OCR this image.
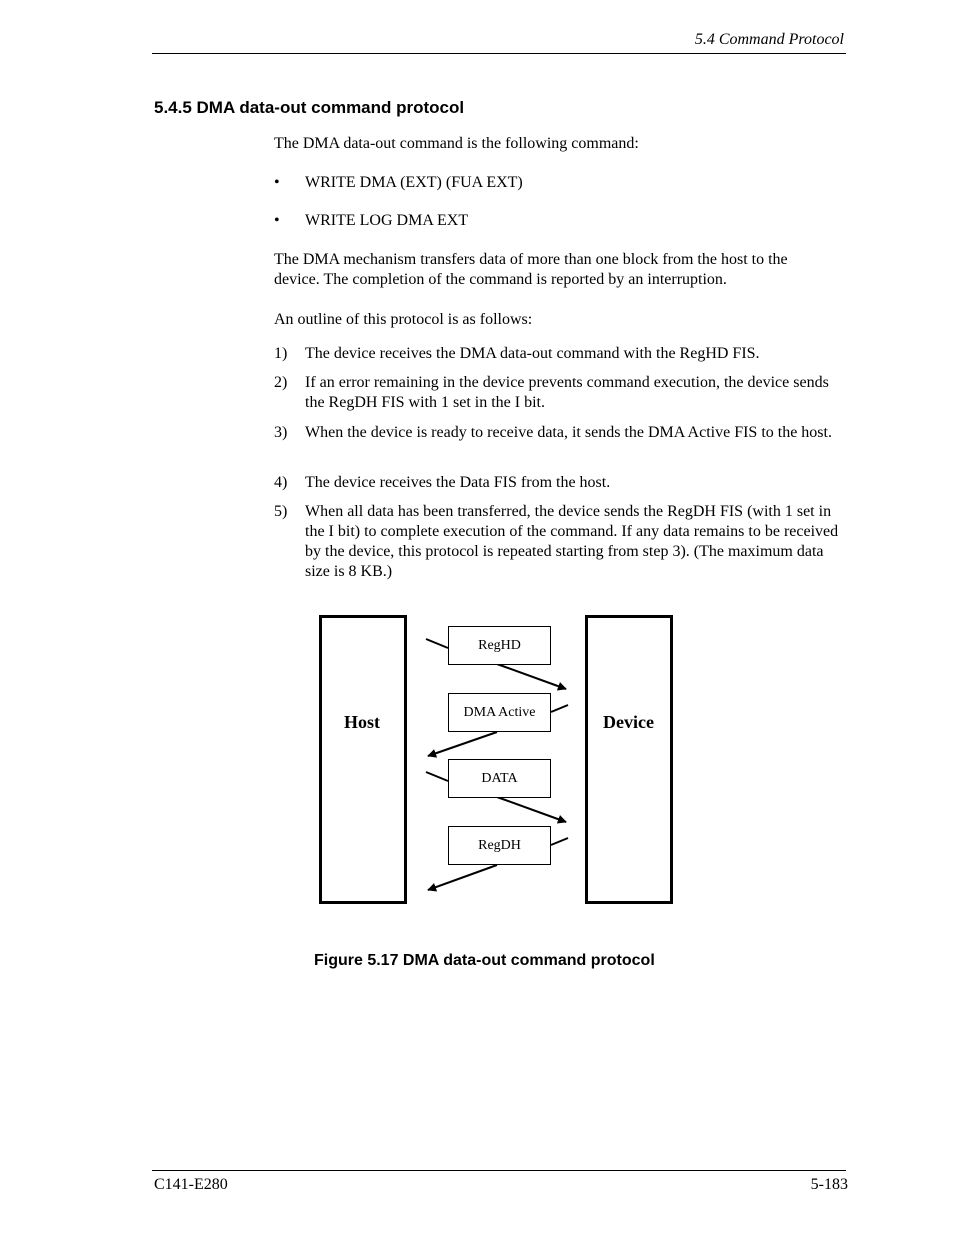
5.4 Command Protocol
5.4.5 DMA data-out command protocol
The DMA data-out command is the following command:
• WRITE DMA (EXT) (FUA EXT)
• WRITE LOG DMA EXT
The DMA mechanism transfers data of more than one block from the host to the device. The completion of the command is reported by an interruption.
An outline of this protocol is as follows:
1) The device receives the DMA data-out command with the RegHD FIS.
2) If an error remaining in the device prevents command execution, the device sends the RegDH FIS with 1 set in the I bit.
3) When the device is ready to receive data, it sends the DMA Active FIS to the host.
4) The device receives the Data FIS from the host.
5) When all data has been transferred, the device sends the RegDH FIS (with 1 set in the I bit) to complete execution of the command. If any data remains to be received by the device, this protocol is repeated starting from step 3). (The maximum data size is 8 KB.)
Host	Device
RegHD
DMA Active
DATA
RegDH
Figure 5.17 DMA data-out command protocol
C141-E280	5-183
